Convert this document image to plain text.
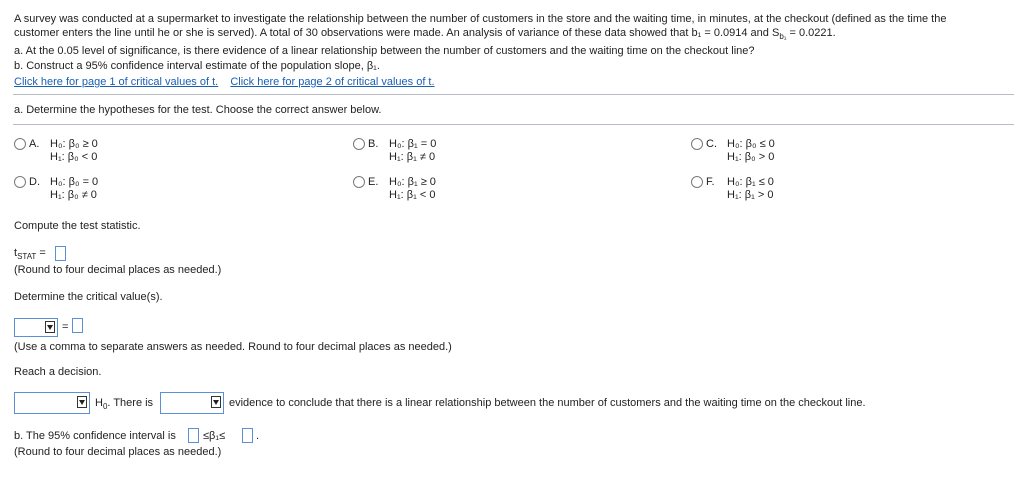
A survey was conducted at a supermarket to investigate the relationship between the number of customers in the store and the waiting time, in minutes, at the checkout (defined as the time the
customer enters the line until he or she is served). A total of 30 observations were made. An analysis of variance of these data showed that b₁ = 0.0914 and $S_{b_1} = 0.0221$.
a. At the 0.05 level of significance, is there evidence of a linear relationship between the number of customers and the waiting time on the checkout line?
b. Construct a 95% confidence interval estimate of the population slope, β₁.
Click here for page 1 of critical values of t. Click here for page 2 of critical values of t.
a. Determine the hypotheses for the test. Choose the correct answer below.
A. H₀: β₀ ≥ 0
H₁: β₀ < 0
B. H₀: β₁ = 0
H₁: β₁ ≠ 0
C. H₀: β₀ ≤ 0
H₁: β₀ > 0
D. H₀: β₀ = 0
H₁: β₀ ≠ 0
E. H₀: β₁ ≥ 0
H₁: β₁ < 0
F. H₀: β₁ ≤ 0
H₁: β₁ > 0
Compute the test statistic.
$t_{STAT}$ =
(Round to four decimal places as needed.)
Determine the critical value(s).
=
(Use a comma to separate answers as needed. Round to four decimal places as needed.)
Reach a decision.
$H_0$. There is	evidence to conclude that there is a linear relationship between the number of customers and the waiting time on the checkout line.
b. The 95% confidence interval is ≤β₁≤	.
(Round to four decimal places as needed.)
